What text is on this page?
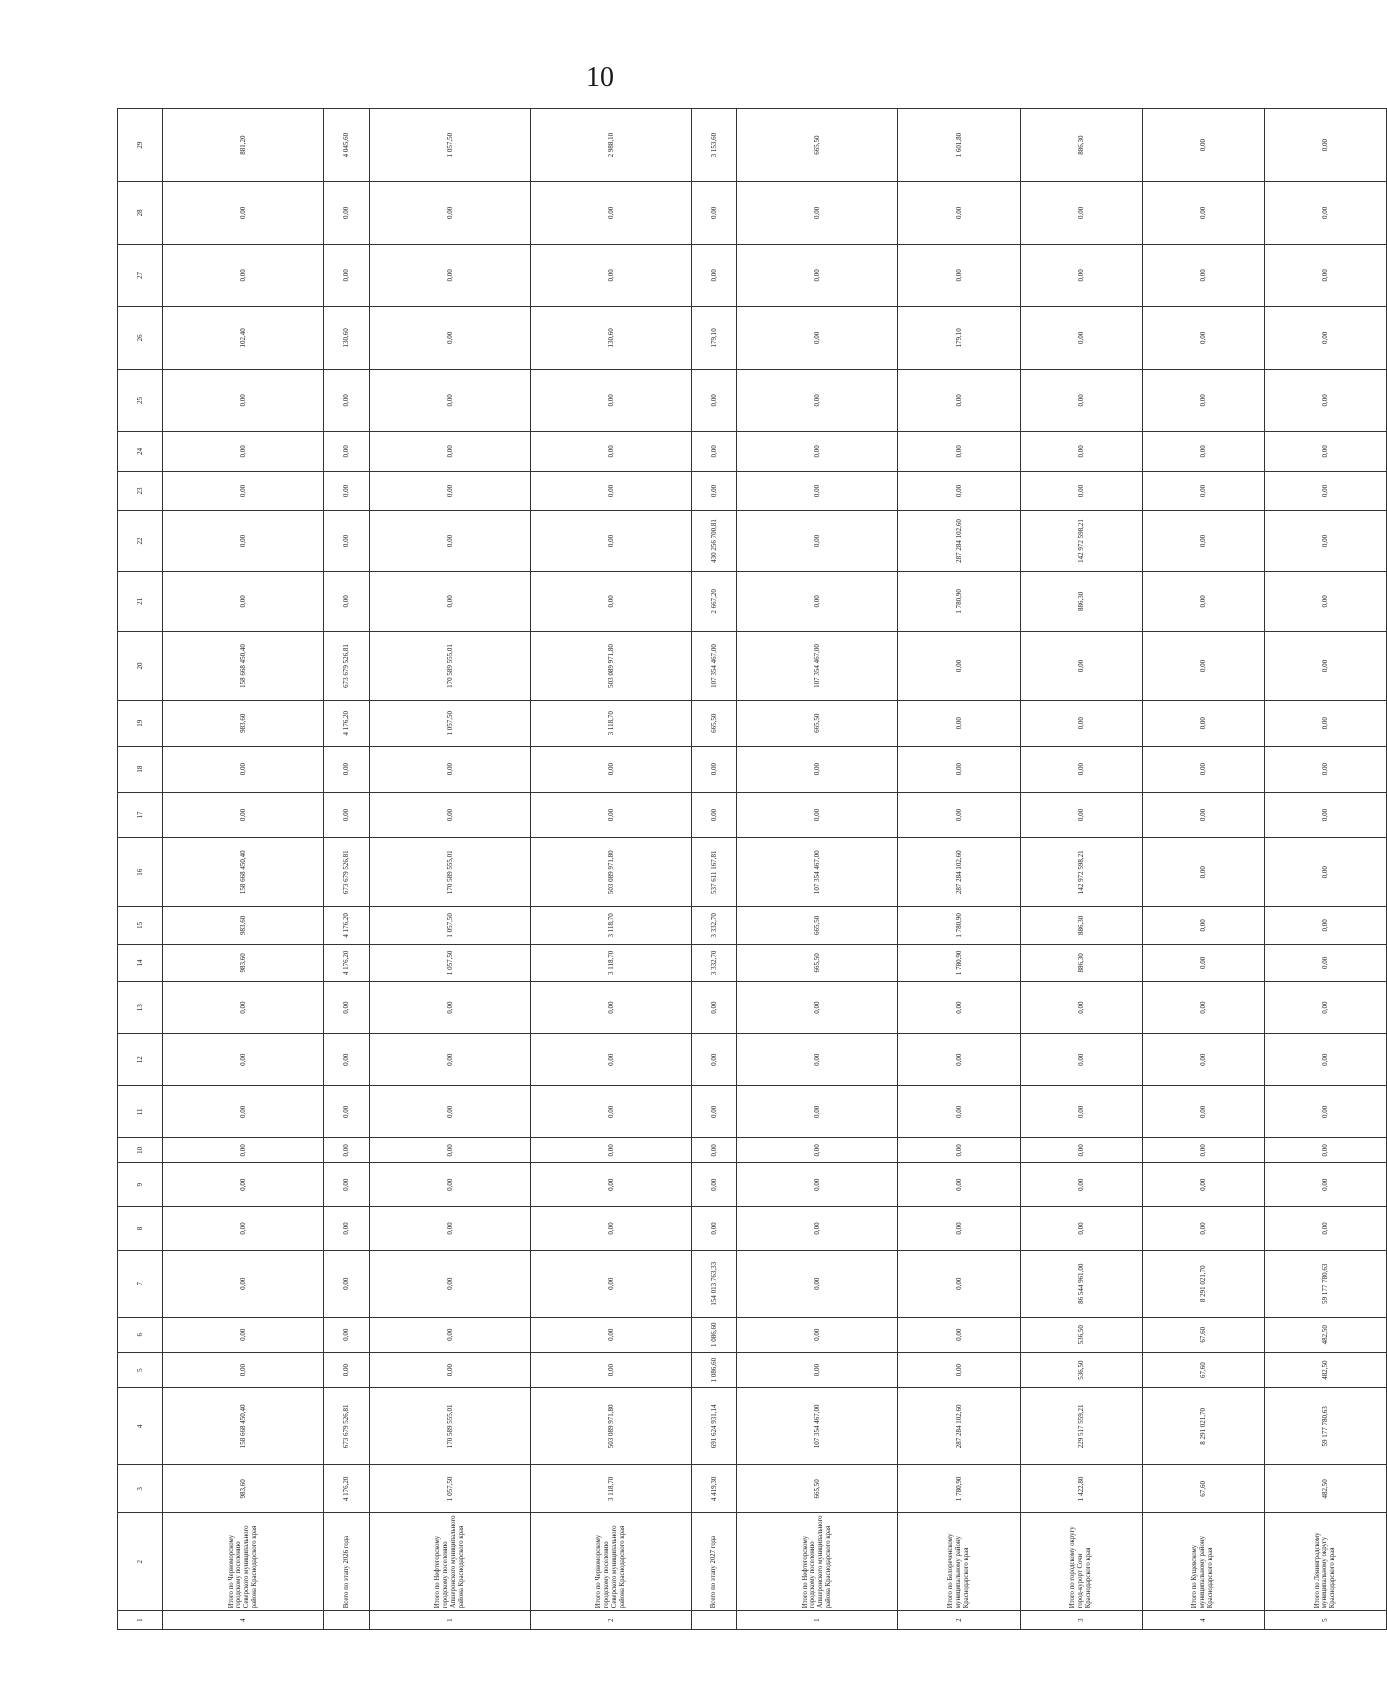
10
1	2	3	4	5	6	7	8	9	10	11	12	13	14	15	16	17	18	19	20	21	22	23	24	25	26	27	28	29
4	Итого по Черноморскому городскому поселению Северского муниципального района Краснодарского края	983,60	158 668 450,40	0,00	0,00	0,00	0,00	0,00	0,00	0,00	0,00	0,00	983,60	983,60	158 668 450,40	0,00	0,00	983,60	158 668 450,40	0,00	0,00	0,00	0,00	0,00	102,40	0,00	0,00	881,20
	Всего по этапу 2026 года	4 176,20	673 679 526,81	0,00	0,00	0,00	0,00	0,00	0,00	0,00	0,00	0,00	4 176,20	4 176,20	673 679 526,81	0,00	0,00	4 176,20	673 679 526,81	0,00	0,00	0,00	0,00	0,00	130,60	0,00	0,00	4 045,60
1	Итого по Нефтегорскому городскому поселению Апшеронского муниципального района Краснодарского края	1 057,50	170 589 555,01	0,00	0,00	0,00	0,00	0,00	0,00	0,00	0,00	0,00	1 057,50	1 057,50	170 589 555,01	0,00	0,00	1 057,50	170 589 555,01	0,00	0,00	0,00	0,00	0,00	0,00	0,00	0,00	1 057,50
2	Итого по Черноморскому городскому поселению Северского муниципального района Краснодарского края	3 118,70	503 089 971,80	0,00	0,00	0,00	0,00	0,00	0,00	0,00	0,00	0,00	3 118,70	3 118,70	503 089 971,80	0,00	0,00	3 118,70	503 089 971,80	0,00	0,00	0,00	0,00	0,00	130,60	0,00	0,00	2 988,10
	Всего по этапу 2027 года	4 419,30	691 624 931,14	1 086,60	1 086,60	154 013 763,33	0,00	0,00	0,00	0,00	0,00	0,00	3 332,70	3 332,70	537 611 167,81	0,00	0,00	665,50	107 354 467,00	2 667,20	430 256 700,81	0,00	0,00	0,00	179,10	0,00	0,00	3 153,60
1	Итого по Нефтегорскому городскому поселению Апшеронского муниципального района Краснодарского края	665,50	107 354 467,00	0,00	0,00	0,00	0,00	0,00	0,00	0,00	0,00	0,00	665,50	665,50	107 354 467,00	0,00	0,00	665,50	107 354 467,00	0,00	0,00	0,00	0,00	0,00	0,00	0,00	0,00	665,50
2	Итого по Белореченскому муниципальному району Краснодарского края	1 780,90	287 284 102,60	0,00	0,00	0,00	0,00	0,00	0,00	0,00	0,00	0,00	1 780,90	1 780,90	287 284 102,60	0,00	0,00	0,00	0,00	1 780,90	287 284 102,60	0,00	0,00	0,00	179,10	0,00	0,00	1 601,80
3	Итого по городскому округу город-курорт Сочи Краснодарского края	1 422,80	229 517 559,21	536,50	536,50	86 544 961,00	0,00	0,00	0,00	0,00	0,00	0,00	886,30	886,30	142 972 598,21	0,00	0,00	0,00	0,00	886,30	142 972 598,21	0,00	0,00	0,00	0,00	0,00	0,00	886,30
4	Итого по Кущевскому муниципальному району Краснодарского края	67,60	8 291 021,70	67,60	67,60	8 291 021,70	0,00	0,00	0,00	0,00	0,00	0,00	0,00	0,00	0,00	0,00	0,00	0,00	0,00	0,00	0,00	0,00	0,00	0,00	0,00	0,00	0,00	0,00
5	Итого по Ленинградскому муниципальному округу Краснодарского края	482,50	59 177 780,63	482,50	482,50	59 177 780,63	0,00	0,00	0,00	0,00	0,00	0,00	0,00	0,00	0,00	0,00	0,00	0,00	0,00	0,00	0,00	0,00	0,00	0,00	0,00	0,00	0,00	0,00
